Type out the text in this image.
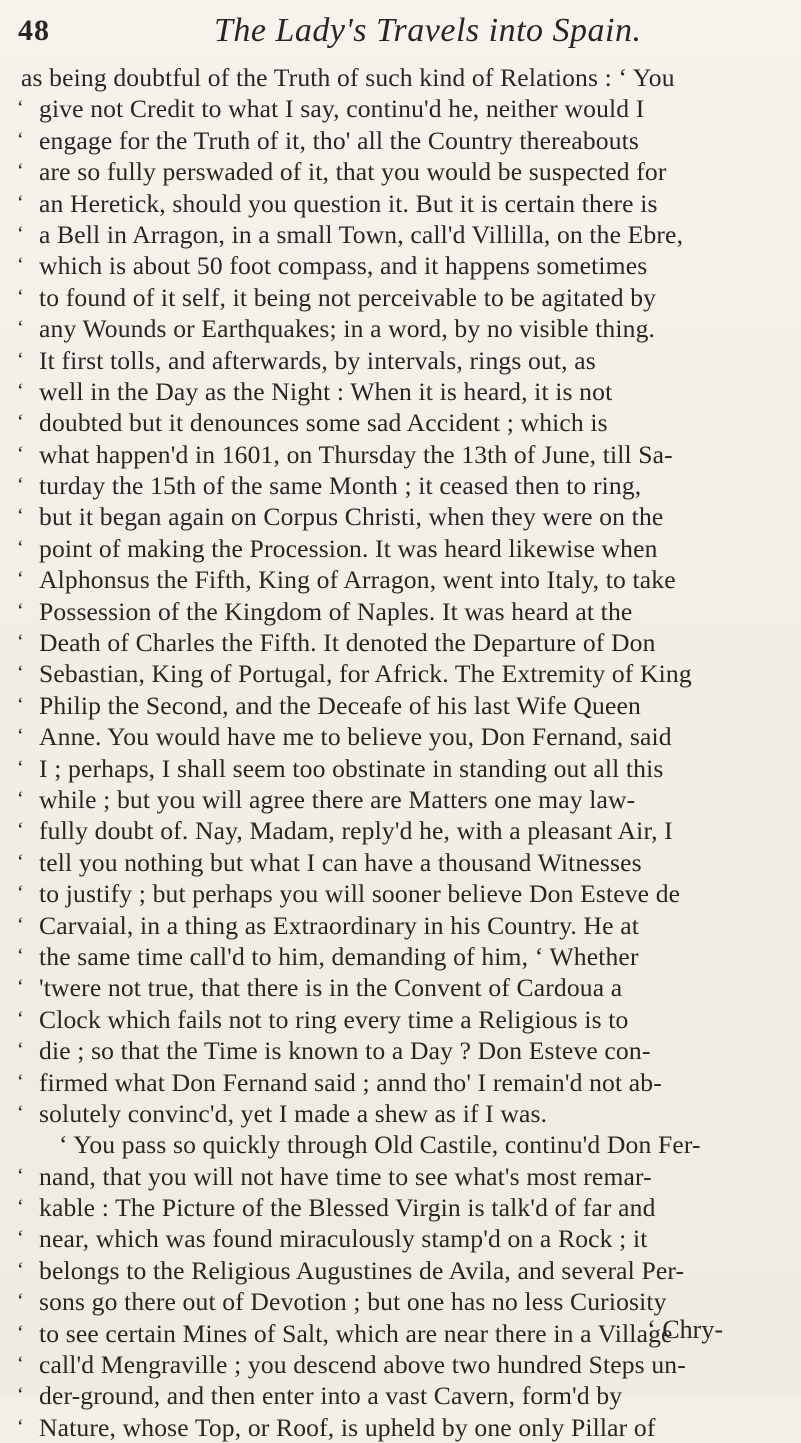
48	The Lady's Travels into Spain.
as being doubtful of the Truth of such kind of Relations : ‘ You
‘ give not Credit to what I say, continu'd he, neither would I
‘ engage for the Truth of it, tho' all the Country thereabouts
‘ are so fully perswaded of it, that you would be suspected for
‘ an Heretick, should you question it. But it is certain there is
‘ a Bell in Arragon, in a small Town, call'd Villilla, on the Ebre,
‘ which is about 50 foot compass, and it happens sometimes
‘ to found of it self, it being not perceivable to be agitated by
‘ any Wounds or Earthquakes; in a word, by no visible thing.
‘ It first tolls, and afterwards, by intervals, rings out, as
‘ well in the Day as the Night : When it is heard, it is not
‘ doubted but it denounces some sad Accident ; which is
‘ what happen'd in 1601, on Thursday the 13th of June, till Sa-
‘ turday the 15th of the same Month ; it ceased then to ring,
‘ but it began again on Corpus Christi, when they were on the
‘ point of making the Procession. It was heard likewise when
‘ Alphonsus the Fifth, King of Arragon, went into Italy, to take
‘ Possession of the Kingdom of Naples. It was heard at the
‘ Death of Charles the Fifth. It denoted the Departure of Don
‘ Sebastian, King of Portugal, for Africk. The Extremity of King
‘ Philip the Second, and the Deceafe of his last Wife Queen
‘ Anne. You would have me to believe you, Don Fernand, said
‘ I ; perhaps, I shall seem too obstinate in standing out all this
‘ while ; but you will agree there are Matters one may law-
‘ fully doubt of. Nay, Madam, reply'd he, with a pleasant Air, I
‘ tell you nothing but what I can have a thousand Witnesses
‘ to justify ; but perhaps you will sooner believe Don Esteve de
‘ Carvaial, in a thing as Extraordinary in his Country. He at
‘ the same time call'd to him, demanding of him, ‘ Whether
‘ 'twere not true, that there is in the Convent of Cardoua a
‘ Clock which fails not to ring every time a Religious is to
‘ die ; so that the Time is known to a Day ? Don Esteve con-
‘ firmed what Don Fernand said ; annd tho' I remain'd not ab-
‘ solutely convinc'd, yet I made a shew as if I was.
‘ You pass so quickly through Old Castile, continu'd Don Fer-
‘ nand, that you will not have time to see what's most remar-
‘ kable : The Picture of the Blessed Virgin is talk'd of far and
‘ near, which was found miraculously stamp'd on a Rock ; it
‘ belongs to the Religious Augustines de Avila, and several Per-
‘ sons go there out of Devotion ; but one has no less Curiosity
‘ to see certain Mines of Salt, which are near there in a Village
‘ call'd Mengraville ; you descend above two hundred Steps un-
‘ der-ground, and then enter into a vast Cavern, form'd by
‘ Nature, whose Top, or Roof, is upheld by one only Pillar of
‘ Chry-
